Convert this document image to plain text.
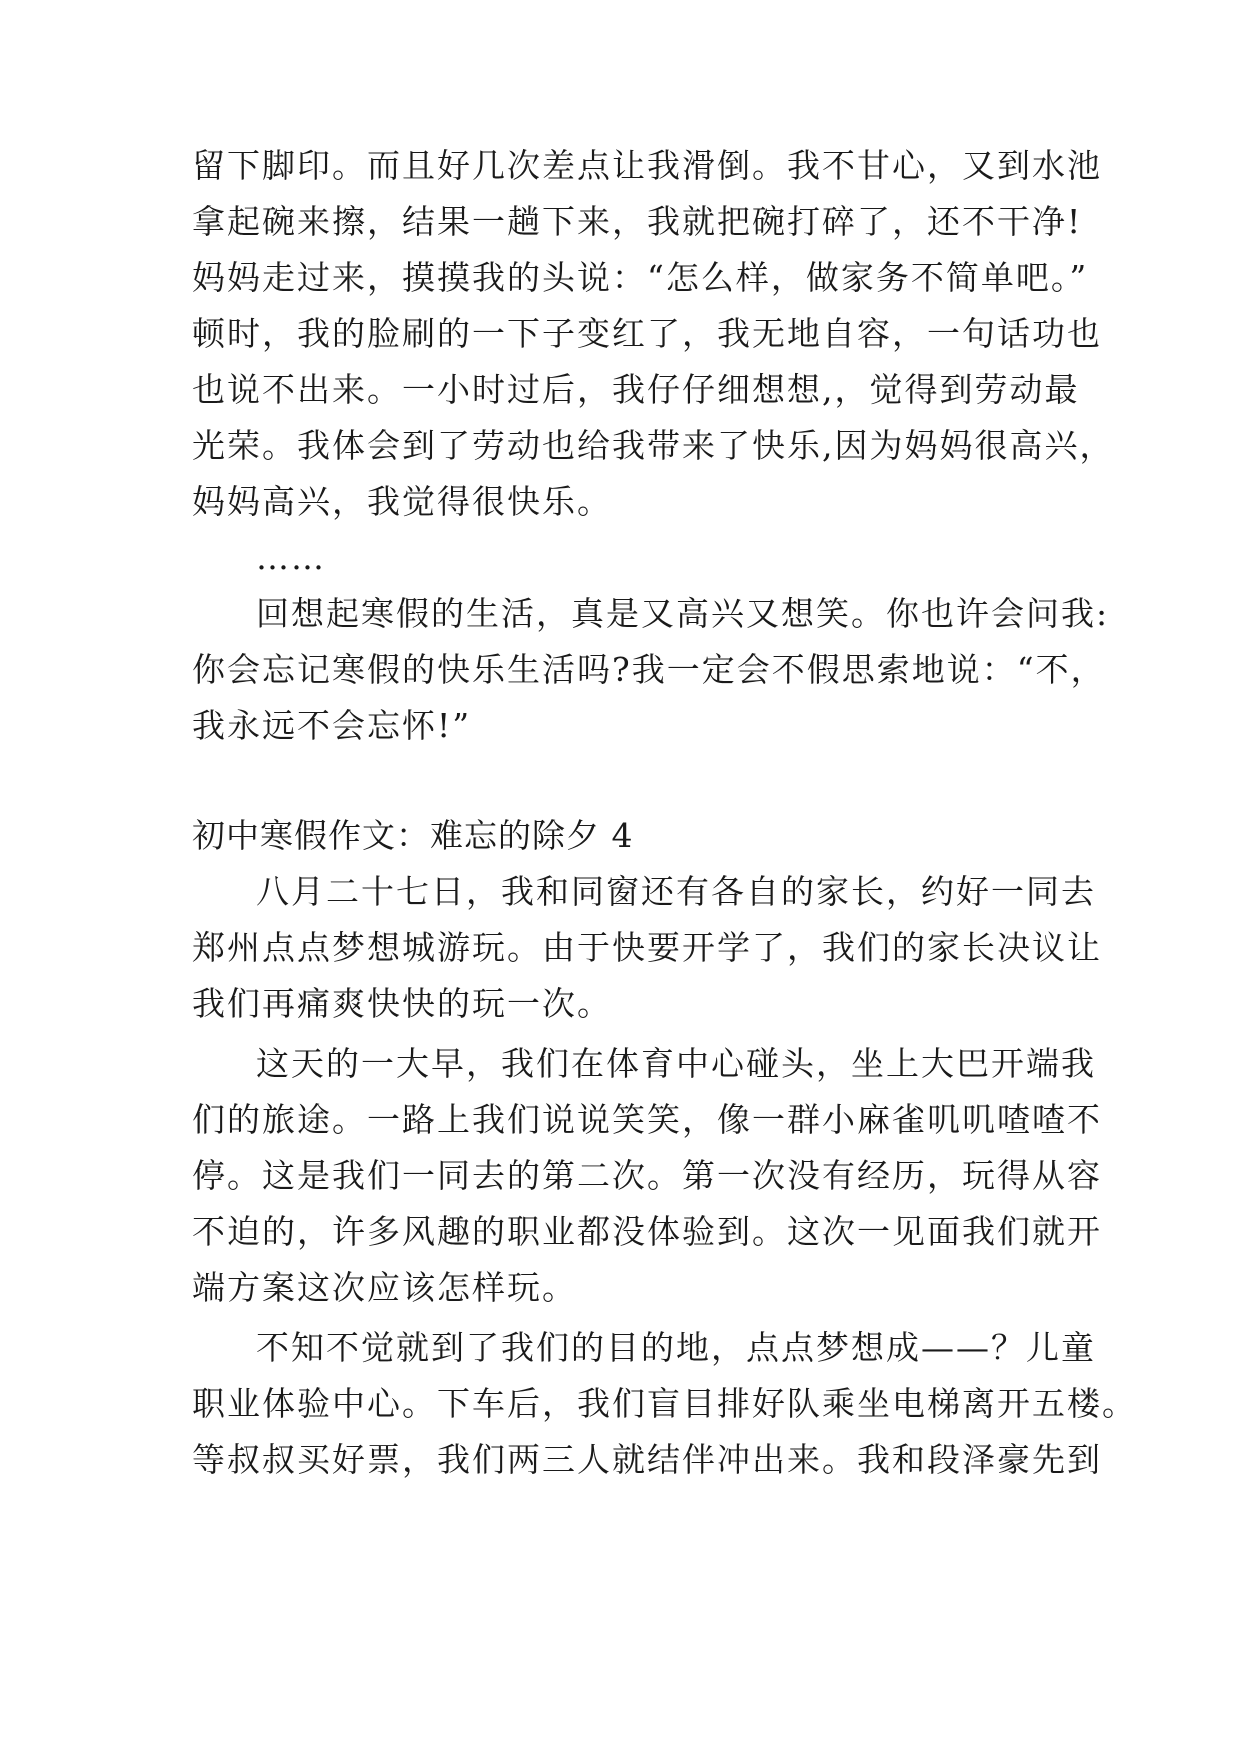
留下脚印。而且好几次差点让我滑倒。我不甘心，又到水池
拿起碗来擦，结果一趟下来，我就把碗打碎了，还不干净!
妈妈走过来，摸摸我的头说：“怎么样，做家务不简单吧。”
顿时，我的脸刷的一下子变红了，我无地自容，一句话功也
也说不出来。一小时过后，我仔仔细想想,，觉得到劳动最
光荣。我体会到了劳动也给我带来了快乐,因为妈妈很高兴，
妈妈高兴，我觉得很快乐。
……
回想起寒假的生活，真是又高兴又想笑。你也许会问我:
你会忘记寒假的快乐生活吗?我一定会不假思索地说：“不，
我永远不会忘怀!”
初中寒假作文：难忘的除夕 4
八月二十七日，我和同窗还有各自的家长，约好一同去
郑州点点梦想城游玩。由于快要开学了，我们的家长决议让
我们再痛爽快快的玩一次。
这天的一大早，我们在体育中心碰头，坐上大巴开端我
们的旅途。一路上我们说说笑笑，像一群小麻雀叽叽喳喳不
停。这是我们一同去的第二次。第一次没有经历，玩得从容
不迫的，许多风趣的职业都没体验到。这次一见面我们就开
端方案这次应该怎样玩。
不知不觉就到了我们的目的地，点点梦想成——？儿童
职业体验中心。下车后，我们盲目排好队乘坐电梯离开五楼。
等叔叔买好票，我们两三人就结伴冲出来。我和段泽豪先到
